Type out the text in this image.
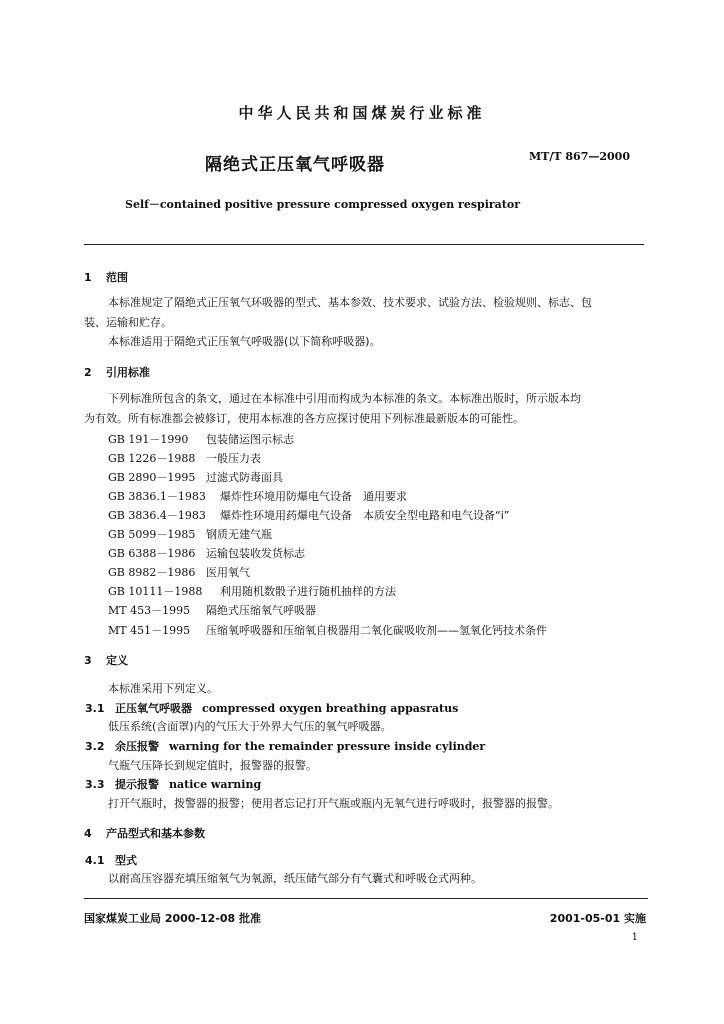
中华人民共和国煤炭行业标准
隔绝式正压氧气呼吸器	MT/T 867—2000
Self－contained positive pressure compressed oxygen respirator
1 范围
本标准规定了隔绝式正压氧气环吸器的型式、基本参效、技术要求、试验方法、检验规则、标志、包
装、运输和贮存。
本标准适用于隔绝式正压氧气呼吸器(以下简称呼吸器)。
2 引用标准
下列标准所包含的条文，通过在本标准中引用而构成为本标准的条文。本标准出版时，所示版本均
为有效。所有标准都会被修订，使用本标准的各方应探讨使用下列标准最新版本的可能性。
GB 191－1990 包装储运图示标志
GB 1226－1988 一般压力表
GB 2890－1995 过滤式防毒面具
GB 3836.1－1983 爆炸性环境用防爆电气设备　通用要求
GB 3836.4－1983 爆炸性环境用药爆电气设备　本质安全型电路和电气设备“i”
GB 5099－1985 钢质无建气瓶
GB 6388－1986 运输包装收发货标志
GB 8982－1986 医用氧气
GB 10111－1988 利用随机数骰子进行随机抽样的方法
MT 453－1995 隔绝式压缩氧气呼吸器
MT 451－1995 压缩氧呼吸器和压缩氧自极器用二氧化碳吸收剂——氢氧化钙技术条件
3 定义
本标准采用下列定义。
3.1 正压氧气呼吸器 compressed oxygen breathing appasratus
低压系统(含面罩)内的气压大于外界大气压的氧气呼吸器。
3.2 余压报警 warning for the remainder pressure inside cylinder
气瓶气压降长到规定值时，报警器的报警。
3.3 提示报警 natice warning
打开气瓶时，拨警器的报警；使用者忘记打开气瓶或瓶内无氧气进行呼吸时，报警器的报警。
4 产品型式和基本参数
4.1 型式
以耐高压容器充填压缩氧气为氧源，纸压储气部分有气囊式和呼吸仓式两种。
国家煤炭工业局 2000-12-08 批准	2001-05-01 实施
1
